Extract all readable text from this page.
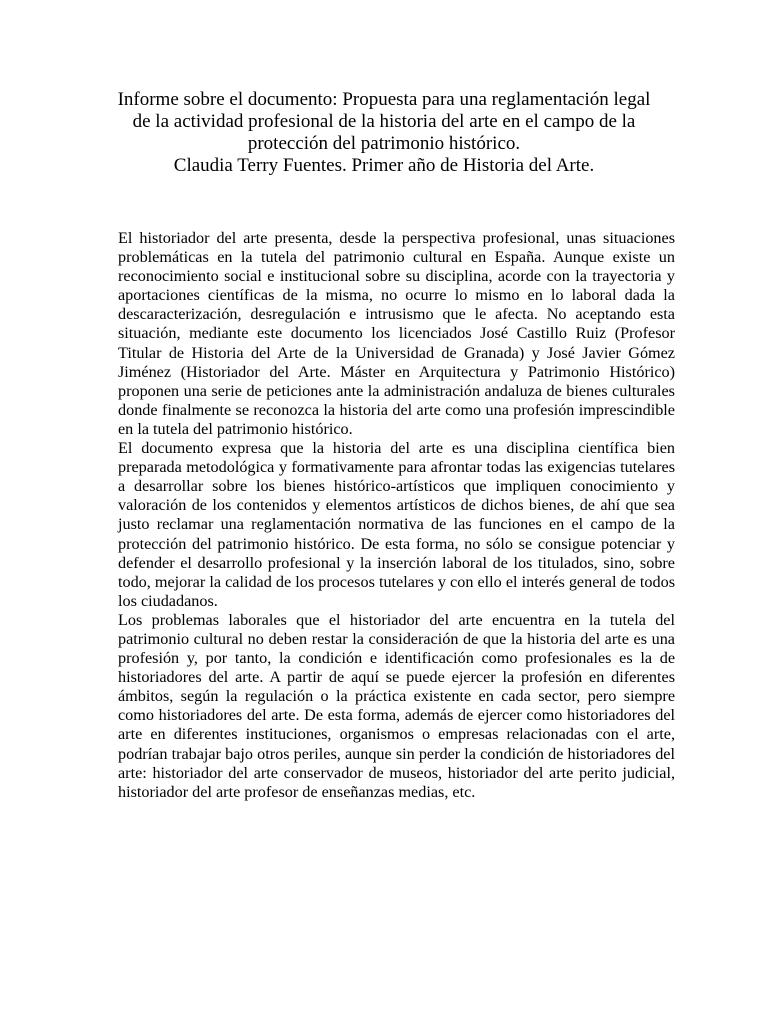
Informe sobre el documento: Propuesta para una reglamentación legal
de la actividad profesional de la historia del arte en el campo de la
protección del patrimonio histórico.
Claudia Terry Fuentes. Primer año de Historia del Arte.

El historiador del arte presenta, desde la perspectiva profesional, unas situaciones problemáticas en la tutela del patrimonio cultural en España. Aunque existe un reconocimiento social e institucional sobre su disciplina, acorde con la trayectoria y aportaciones científicas de la misma, no ocurre lo mismo en lo laboral dada la descaracterización, desregulación e intrusismo que le afecta. No aceptando esta situación, mediante este documento los licenciados José Castillo Ruiz (Profesor Titular de Historia del Arte de la Universidad de Granada) y José Javier Gómez Jiménez (Historiador del Arte. Máster en Arquitectura y Patrimonio Histórico) proponen una serie de peticiones ante la administración andaluza de bienes culturales donde finalmente se reconozca la historia del arte como una profesión imprescindible en la tutela del patrimonio histórico.

El documento expresa que la historia del arte es una disciplina científica bien preparada metodológica y formativamente para afrontar todas las exigencias tutelares a desarrollar sobre los bienes histórico-artísticos que impliquen conocimiento y valoración de los contenidos y elementos artísticos de dichos bienes, de ahí que sea justo reclamar una reglamentación normativa de las funciones en el campo de la protección del patrimonio histórico. De esta forma, no sólo se consigue potenciar y defender el desarrollo profesional y la inserción laboral de los titulados, sino, sobre todo, mejorar la calidad de los procesos tutelares y con ello el interés general de todos los ciudadanos.

Los problemas laborales que el historiador del arte encuentra en la tutela del patrimonio cultural no deben restar la consideración de que la historia del arte es una profesión y, por tanto, la condición e identificación como profesionales es la de historiadores del arte. A partir de aquí se puede ejercer la profesión en diferentes ámbitos, según la regulación o la práctica existente en cada sector, pero siempre como historiadores del arte. De esta forma, además de ejercer como historiadores del arte en diferentes instituciones, organismos o empresas relacionadas con el arte, podrían trabajar bajo otros periles, aunque sin perder la condición de historiadores del arte: historiador del arte conservador de museos, historiador del arte perito judicial, historiador del arte profesor de enseñanzas medias, etc.
